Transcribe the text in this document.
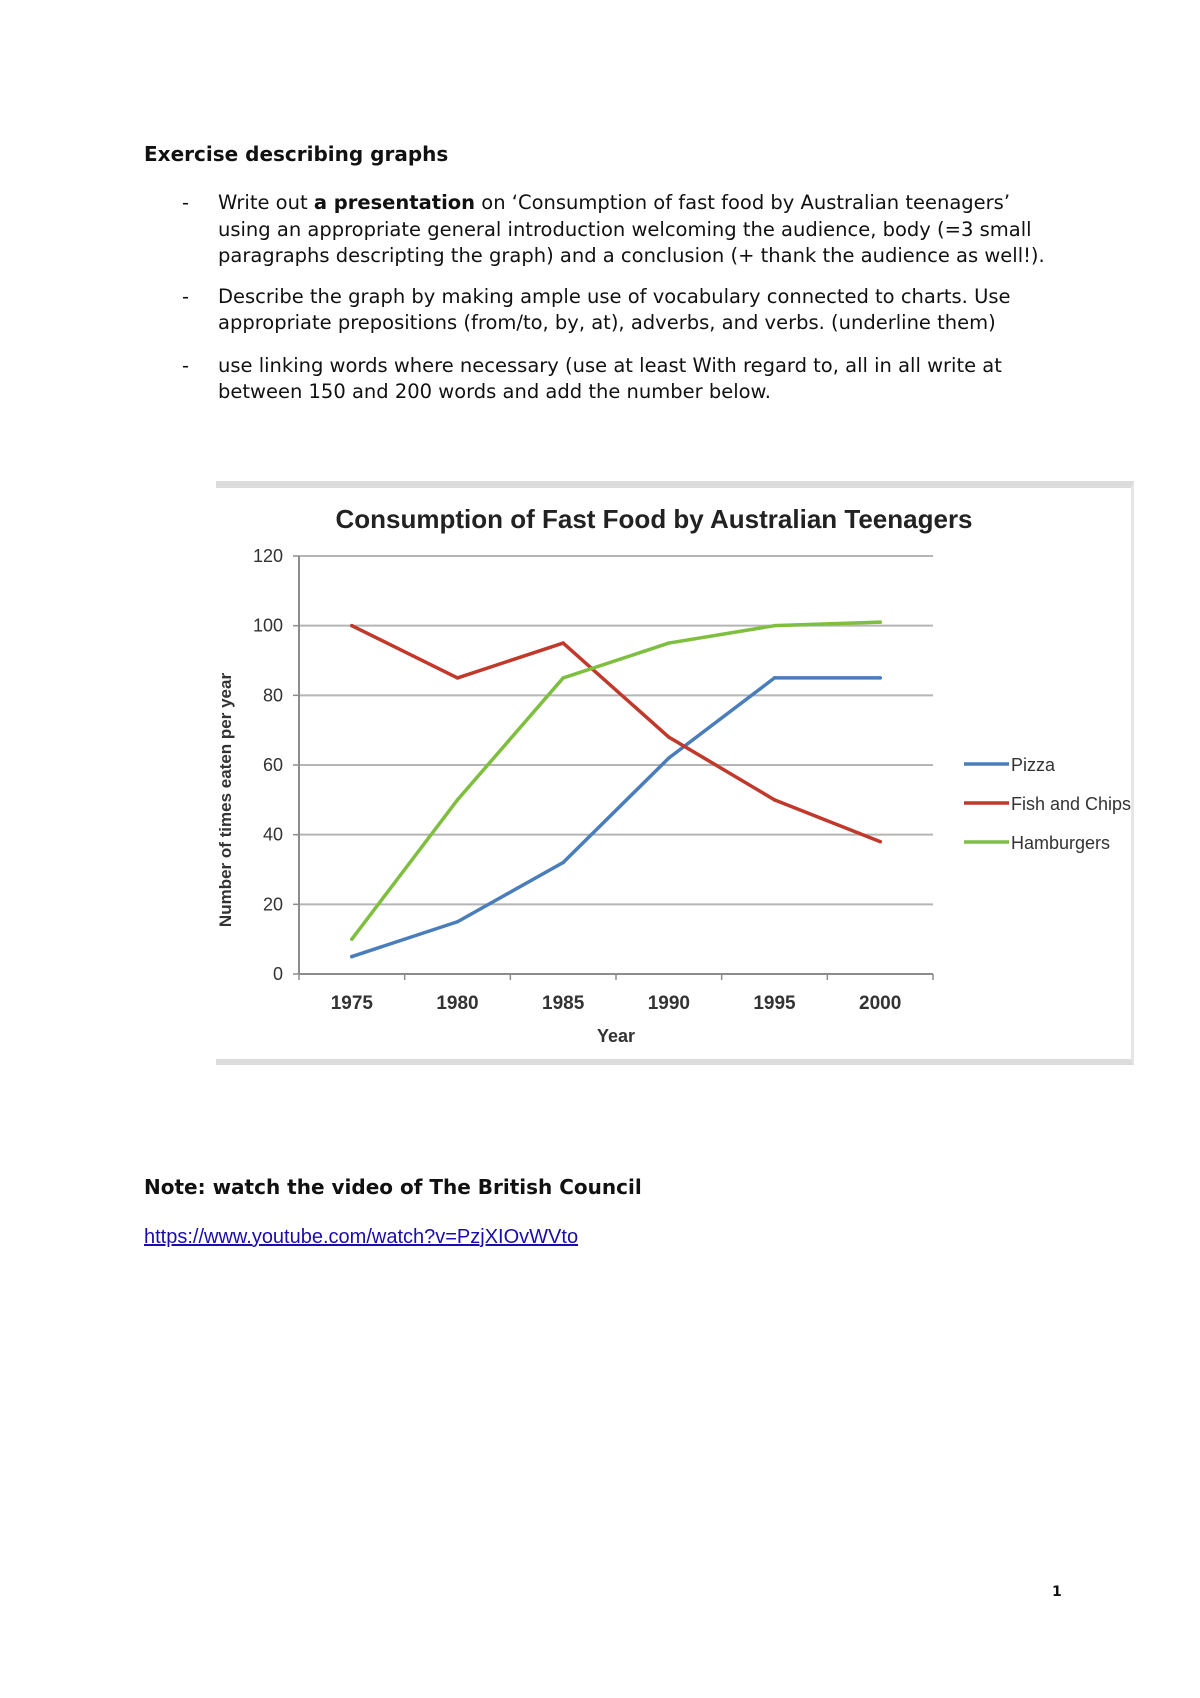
Exercise describing graphs
- Write out a presentation on ‘Consumption of fast food by Australian teenagers’ using an appropriate general introduction welcoming the audience, body (=3 small paragraphs descripting the graph) and a conclusion (+ thank the audience as well!).
- Describe the graph by making ample use of vocabulary connected to charts. Use appropriate prepositions (from/to, by, at), adverbs, and verbs. (underline them)
- use linking words where necessary (use at least With regard to, all in all write at between 150 and 200 words and add the number below.
Consumption of Fast Food by Australian Teenagers
0
20
40
60
80
100
120
1975	1980	1985	1990	1995	2000
Year
Number of times eaten per year	Pizza
Fish and Chips
Hamburgers

Note: watch the video of The British Council

https://www.youtube.com/watch?v=PzjXIOvWVto
1
